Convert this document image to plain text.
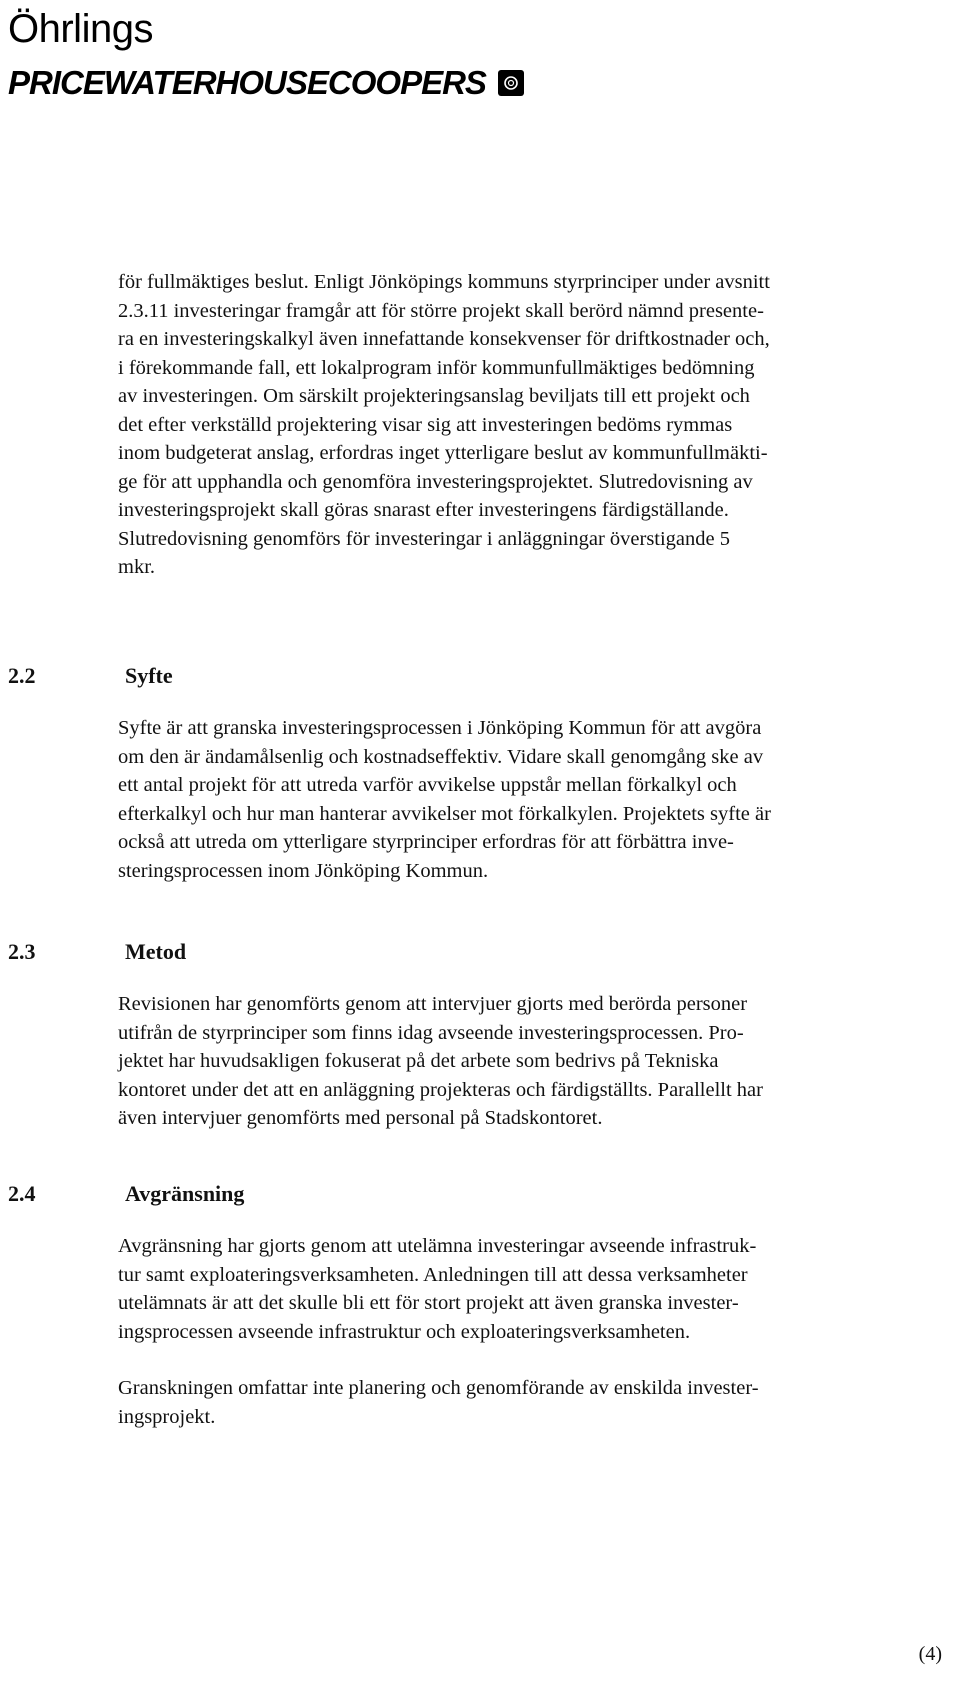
Öhrlings
PRICEWATERHOUSECOOPERS

för fullmäktiges beslut. Enligt Jönköpings kommuns styrprinciper under avsnitt
2.3.11 investeringar framgår att för större projekt skall berörd nämnd presente-
ra en investeringskalkyl även innefattande konsekvenser för driftkostnader och,
i förekommande fall, ett lokalprogram inför kommunfullmäktiges bedömning
av investeringen. Om särskilt projekteringsanslag beviljats till ett projekt och
det efter verkställd projektering visar sig att investeringen bedöms rymmas
inom budgeterat anslag, erfordras inget ytterligare beslut av kommunfullmäkti-
ge för att upphandla och genomföra investeringsprojektet. Slutredovisning av
investeringsprojekt skall göras snarast efter investeringens färdigställande.
Slutredovisning genomförs för investeringar i anläggningar överstigande 5
mkr.

2.2	Syfte

Syfte är att granska investeringsprocessen i Jönköping Kommun för att avgöra
om den är ändamålsenlig och kostnadseffektiv. Vidare skall genomgång ske av
ett antal projekt för att utreda varför avvikelse uppstår mellan förkalkyl och
efterkalkyl och hur man hanterar avvikelser mot förkalkylen. Projektets syfte är
också att utreda om ytterligare styrprinciper erfordras för att förbättra inve-
steringsprocessen inom Jönköping Kommun.

2.3	Metod

Revisionen har genomförts genom att intervjuer gjorts med berörda personer
utifrån de styrprinciper som finns idag avseende investeringsprocessen. Pro-
jektet har huvudsakligen fokuserat på det arbete som bedrivs på Tekniska
kontoret under det att en anläggning projekteras och färdigställts. Parallellt har
även intervjuer genomförts med personal på Stadskontoret.

2.4	Avgränsning

Avgränsning har gjorts genom att utelämna investeringar avseende infrastruk-
tur samt exploateringsverksamheten. Anledningen till att dessa verksamheter
utelämnats är att det skulle bli ett för stort projekt att även granska invester-
ingsprocessen avseende infrastruktur och exploateringsverksamheten.

Granskningen omfattar inte planering och genomförande av enskilda invester-
ingsprojekt.

(4)
